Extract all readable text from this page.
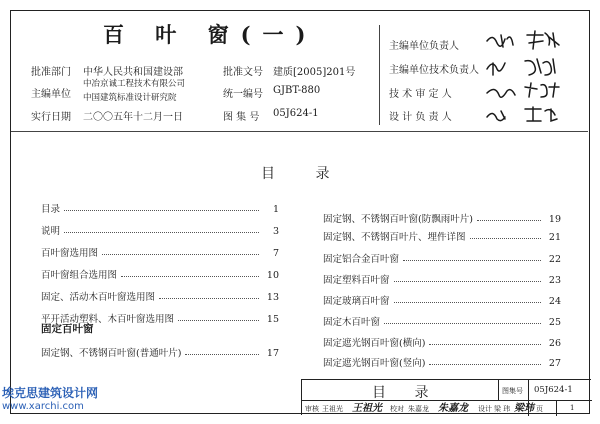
百 叶 窗(一)
批准部门 中华人民共和国建设部
主编单位
中冶京诚工程技术有限公司
中国建筑标准设计研究院
实行日期 二〇〇五年十二月一日
批准文号 建质[2005]201号
统一编号 GJBT-880
图 集 号 05J624-1
主编单位负责人
主编单位技术负责人
技 术 审 定 人
设 计 负 责 人
目 录
目录	1
说明	3
百叶窗选用图	7
百叶窗组合选用图	10
固定、活动木百叶窗选用图	13
平开活动塑料、木百叶窗选用图	15
固定百叶窗
固定钢、不锈钢百叶窗(普通叶片)	17
固定钢、不锈钢百叶窗(防飘雨叶片)	19
固定钢、不锈钢百叶片、埋件详图	21
固定铝合金百叶窗	22
固定塑料百叶窗	23
固定玻璃百叶窗	24
固定木百叶窗	25
固定遮光钢百叶窗(横向)	26
固定遮光钢百叶窗(竖向)	27
目 录	图集号 05J624-1
审核 王祖光 王祖光 校对 朱嘉龙 朱嘉龙 设计 梁 玮 梁玮 页	1
埃克思建筑设计网
www.xarchi.com
